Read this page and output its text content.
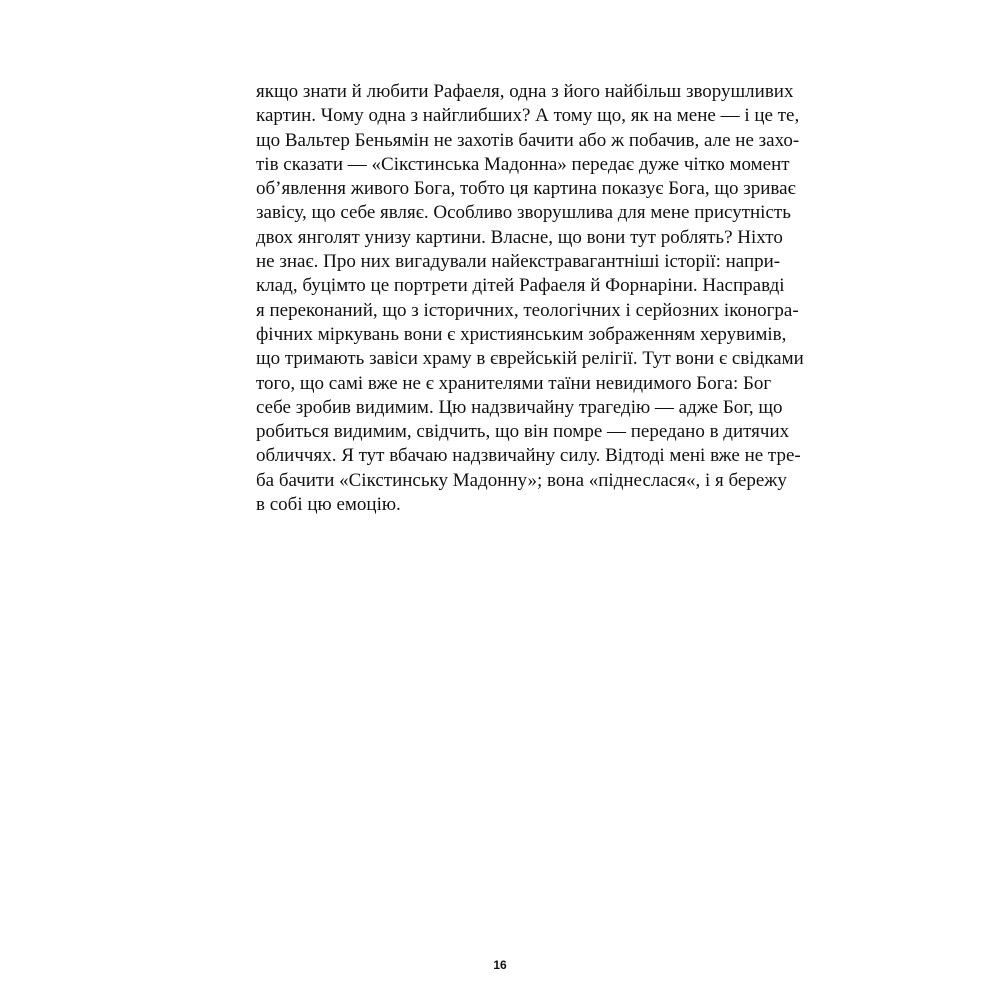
якщо знати й любити Рафаеля, одна з його найбільш зворушливих
картин. Чому одна з найглибших? А тому що, як на мене — і це те,
що Вальтер Беньямін не захотів бачити або ж побачив, але не захо-
тів сказати — «Сікстинська Мадонна» передає дуже чітко момент
об’явлення живого Бога, тобто ця картина показує Бога, що зриває
завісу, що себе являє. Особливо зворушлива для мене присутність
двох янголят унизу картини. Власне, що вони тут роблять? Ніхто
не знає. Про них вигадували найекстравагантніші історії: напри-
клад, буцімто це портрети дітей Рафаеля й Форнаріни. Насправді
я переконаний, що з історичних, теологічних і серйозних іконогра-
фічних міркувань вони є християнським зображенням херувимів,
що тримають завіси храму в єврейській релігії. Тут вони є свідками
того, що самі вже не є хранителями таїни невидимого Бога: Бог
себе зробив видимим. Цю надзвичайну трагедію — адже Бог, що
робиться видимим, свідчить, що він помре — передано в дитячих
обличчях. Я тут вбачаю надзвичайну силу. Відтоді мені вже не тре-
ба бачити «Сікстинську Мадонну»; вона «піднеслася«, і я бережу
в собі цю емоцію.
16
